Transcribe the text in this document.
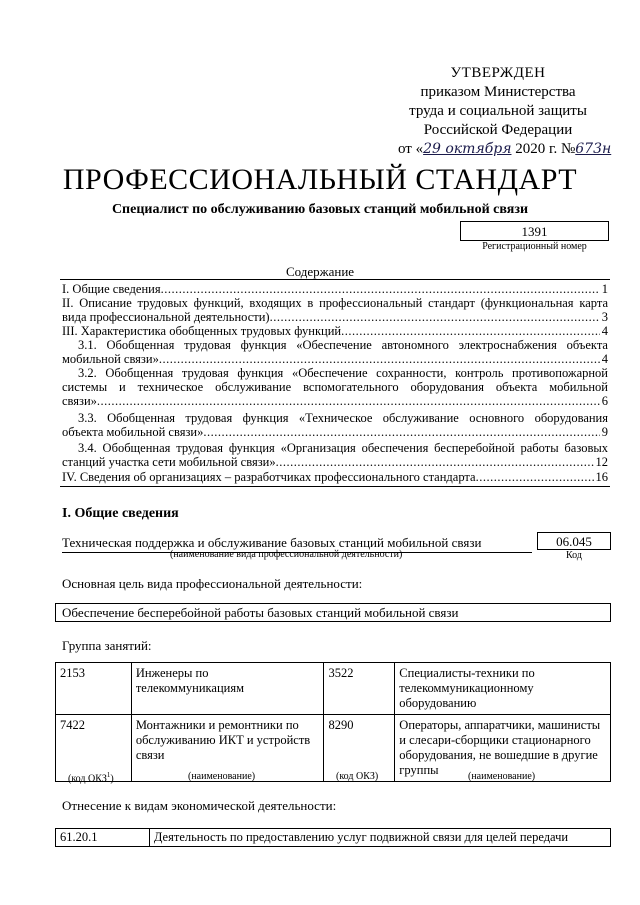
УТВЕРЖДЕН
приказом Министерства
труда и социальной защиты
Российской Федерации
от «29 октября 2020 г. №673н
ПРОФЕССИОНАЛЬНЫЙ СТАНДАРТ
Специалист по обслуживанию базовых станций мобильной связи
1391
Регистрационный номер
Содержание
I. Общие сведения .....	1
II. Описание трудовых функций, входящих в профессиональный стандарт (функциональная карта
вида профессиональной деятельности) .....	3
III. Характеристика обобщенных трудовых функций .....	4
3.1. Обобщенная трудовая функция «Обеспечение автономного электроснабжения объекта
мобильной связи» .....	4
3.2. Обобщенная трудовая функция «Обеспечение сохранности, контроль противопожарной
системы и техническое обслуживание вспомогательного оборудования объекта мобильной
связи» .....	6
3.3. Обобщенная трудовая функция «Техническое обслуживание основного оборудования
объекта мобильной связи» .....	9
3.4. Обобщенная трудовая функция «Организация обеспечения бесперебойной работы базовых
станций участка сети мобильной связи» .....	12
IV. Сведения об организациях – разработчиках профессионального стандарта .....	16
I. Общие сведения
Техническая поддержка и обслуживание базовых станций мобильной связи
(наименование вида профессиональной деятельности)
06.045
Код
Основная цель вида профессиональной деятельности:
Обеспечение бесперебойной работы базовых станций мобильной связи
Группа занятий:
2153	Инженеры по телекоммуникациям	3522	Специалисты-техники по телекоммуникационному оборудованию
7422	Монтажники и ремонтники по обслуживанию ИКТ и устройств связи	8290	Операторы, аппаратчики, машинисты и слесари-сборщики стационарного оборудования, не вошедшие в другие группы
(код ОКЗ$^1$)	(наименование)	(код ОКЗ)	(наименование)
Отнесение к видам экономической деятельности:
61.20.1	Деятельность по предоставлению услуг подвижной связи для целей передачи
